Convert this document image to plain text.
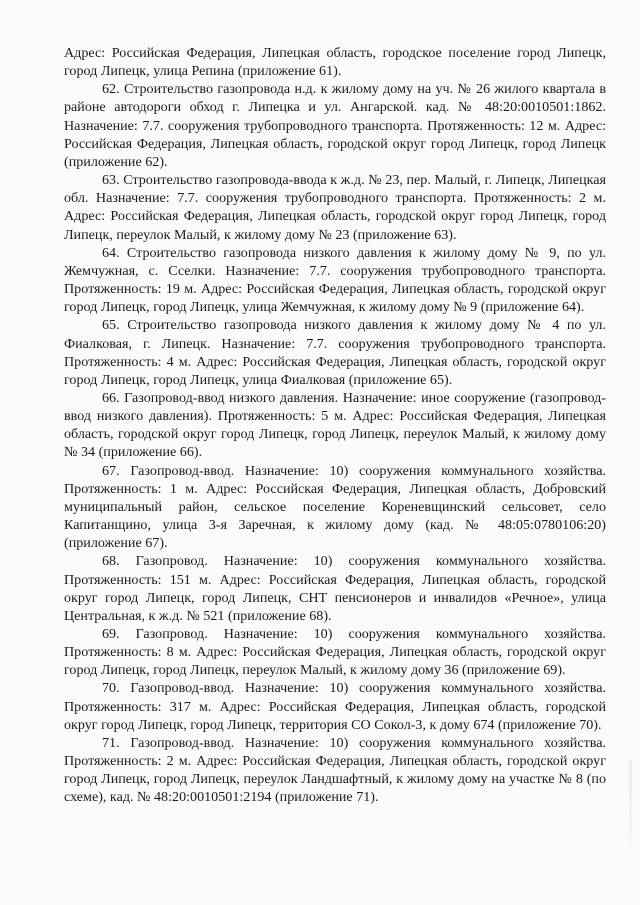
Адрес: Российская Федерация, Липецкая область, городское поселение город Липецк, город Липецк, улица Репина (приложение 61).

62. Строительство газопровода н.д. к жилому дому на уч. № 26 жилого квартала в районе автодороги обход г. Липецка и ул. Ангарской. кад. № 48:20:0010501:1862. Назначение: 7.7. сооружения трубопроводного транспорта. Протяженность: 12 м. Адрес: Российская Федерация, Липецкая область, городской округ город Липецк, город Липецк (приложение 62).

63. Строительство газопровода-ввода к ж.д. № 23, пер. Малый, г. Липецк, Липецкая обл. Назначение: 7.7. сооружения трубопроводного транспорта. Протяженность: 2 м. Адрес: Российская Федерация, Липецкая область, городской округ город Липецк, город Липецк, переулок Малый, к жилому дому № 23 (приложение 63).

64. Строительство газопровода низкого давления к жилому дому № 9, по ул. Жемчужная, с. Сселки. Назначение: 7.7. сооружения трубопроводного транспорта. Протяженность: 19 м. Адрес: Российская Федерация, Липецкая область, городской округ город Липецк, город Липецк, улица Жемчужная, к жилому дому № 9 (приложение 64).

65. Строительство газопровода низкого давления к жилому дому № 4 по ул. Фиалковая, г. Липецк. Назначение: 7.7. сооружения трубопроводного транспорта. Протяженность: 4 м. Адрес: Российская Федерация, Липецкая область, городской округ город Липецк, город Липецк, улица Фиалковая (приложение 65).

66. Газопровод-ввод низкого давления. Назначение: иное сооружение (газопровод-ввод низкого давления). Протяженность: 5 м. Адрес: Российская Федерация, Липецкая область, городской округ город Липецк, город Липецк, переулок Малый, к жилому дому № 34 (приложение 66).

67. Газопровод-ввод. Назначение: 10) сооружения коммунального хозяйства. Протяженность: 1 м. Адрес: Российская Федерация, Липецкая область, Добровский муниципальный район, сельское поселение Кореневщинский сельсовет, село Капитанщино, улица 3-я Заречная, к жилому дому (кад. № 48:05:0780106:20) (приложение 67).

68. Газопровод. Назначение: 10) сооружения коммунального хозяйства. Протяженность: 151 м. Адрес: Российская Федерация, Липецкая область, городской округ город Липецк, город Липецк, СНТ пенсионеров и инвалидов «Речное», улица Центральная, к ж.д. № 521 (приложение 68).

69. Газопровод. Назначение: 10) сооружения коммунального хозяйства. Протяженность: 8 м. Адрес: Российская Федерация, Липецкая область, городской округ город Липецк, город Липецк, переулок Малый, к жилому дому 36 (приложение 69).

70. Газопровод-ввод. Назначение: 10) сооружения коммунального хозяйства. Протяженность: 317 м. Адрес: Российская Федерация, Липецкая область, городской округ город Липецк, город Липецк, территория СО Сокол-3, к дому 674 (приложение 70).

71. Газопровод-ввод. Назначение: 10) сооружения коммунального хозяйства. Протяженность: 2 м. Адрес: Российская Федерация, Липецкая область, городской округ город Липецк, город Липецк, переулок Ландшафтный, к жилому дому на участке № 8 (по схеме), кад. № 48:20:0010501:2194 (приложение 71).
